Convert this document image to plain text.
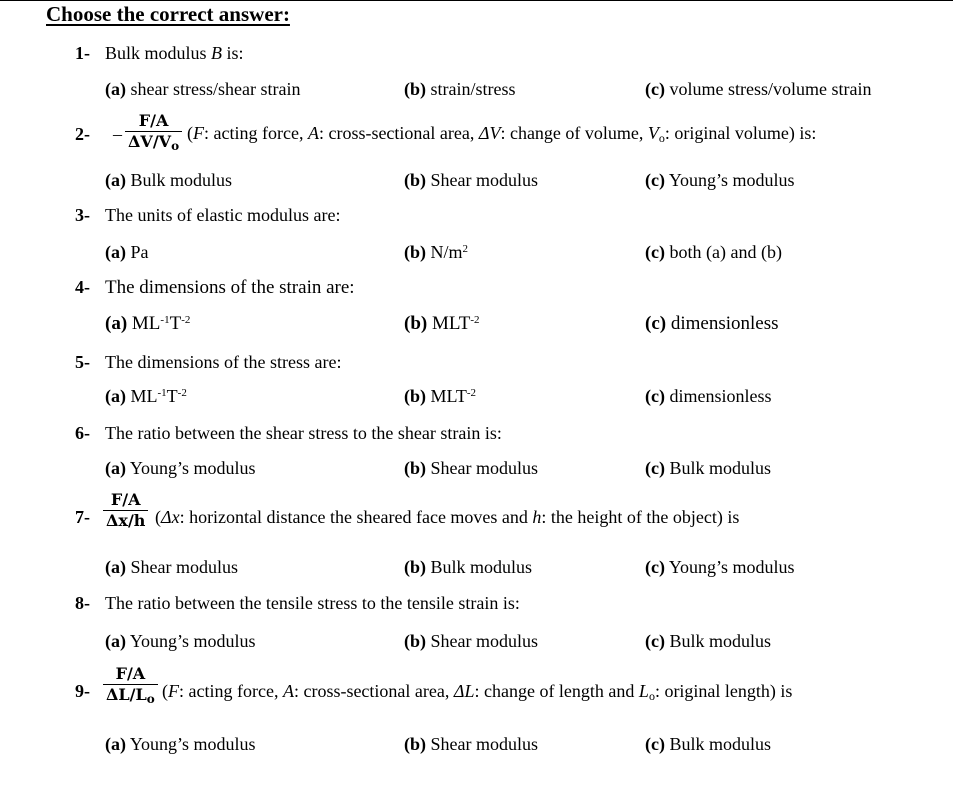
Choose the correct answer:
1- Bulk modulus B is:
(a) shear stress/shear strain	(b) strain/stress	(c) volume stress/volume strain
$2- - \frac{F/A}{\Delta V/V_o} (F$: acting force, A: cross-sectional area, ΔV: change of volume, $V_o$: original volume) is:
(a) Bulk modulus	(b) Shear modulus	(c) Young’s modulus
3- The units of elastic modulus are:
(a) Pa	(b) $N/m^2$	(c) both (a) and (b)
4- The dimensions of the strain are:
(a) $ML^{-1}T^{-2}$	(b) $MLT^{-2}$	(c) dimensionless
5- The dimensions of the stress are:
(a) $ML^{-1}T^{-2}$	(b) $MLT^{-2}$	(c) dimensionless
6- The ratio between the shear stress to the shear strain is:
(a) Young’s modulus	(b) Shear modulus	(c) Bulk modulus
$7- \frac{F/A}{\Delta x/h} (\Delta x$: horizontal distance the sheared face moves and h: the height of the object) is
(a) Shear modulus	(b) Bulk modulus	(c) Young’s modulus
8- The ratio between the tensile stress to the tensile strain is:
(a) Young’s modulus	(b) Shear modulus	(c) Bulk modulus
$9- \frac{F/A}{\Delta L/L_o} (F$: acting force, A: cross-sectional area, ΔL: change of length and $L_o$: original length) is
(a) Young’s modulus	(b) Shear modulus	(c) Bulk modulus
